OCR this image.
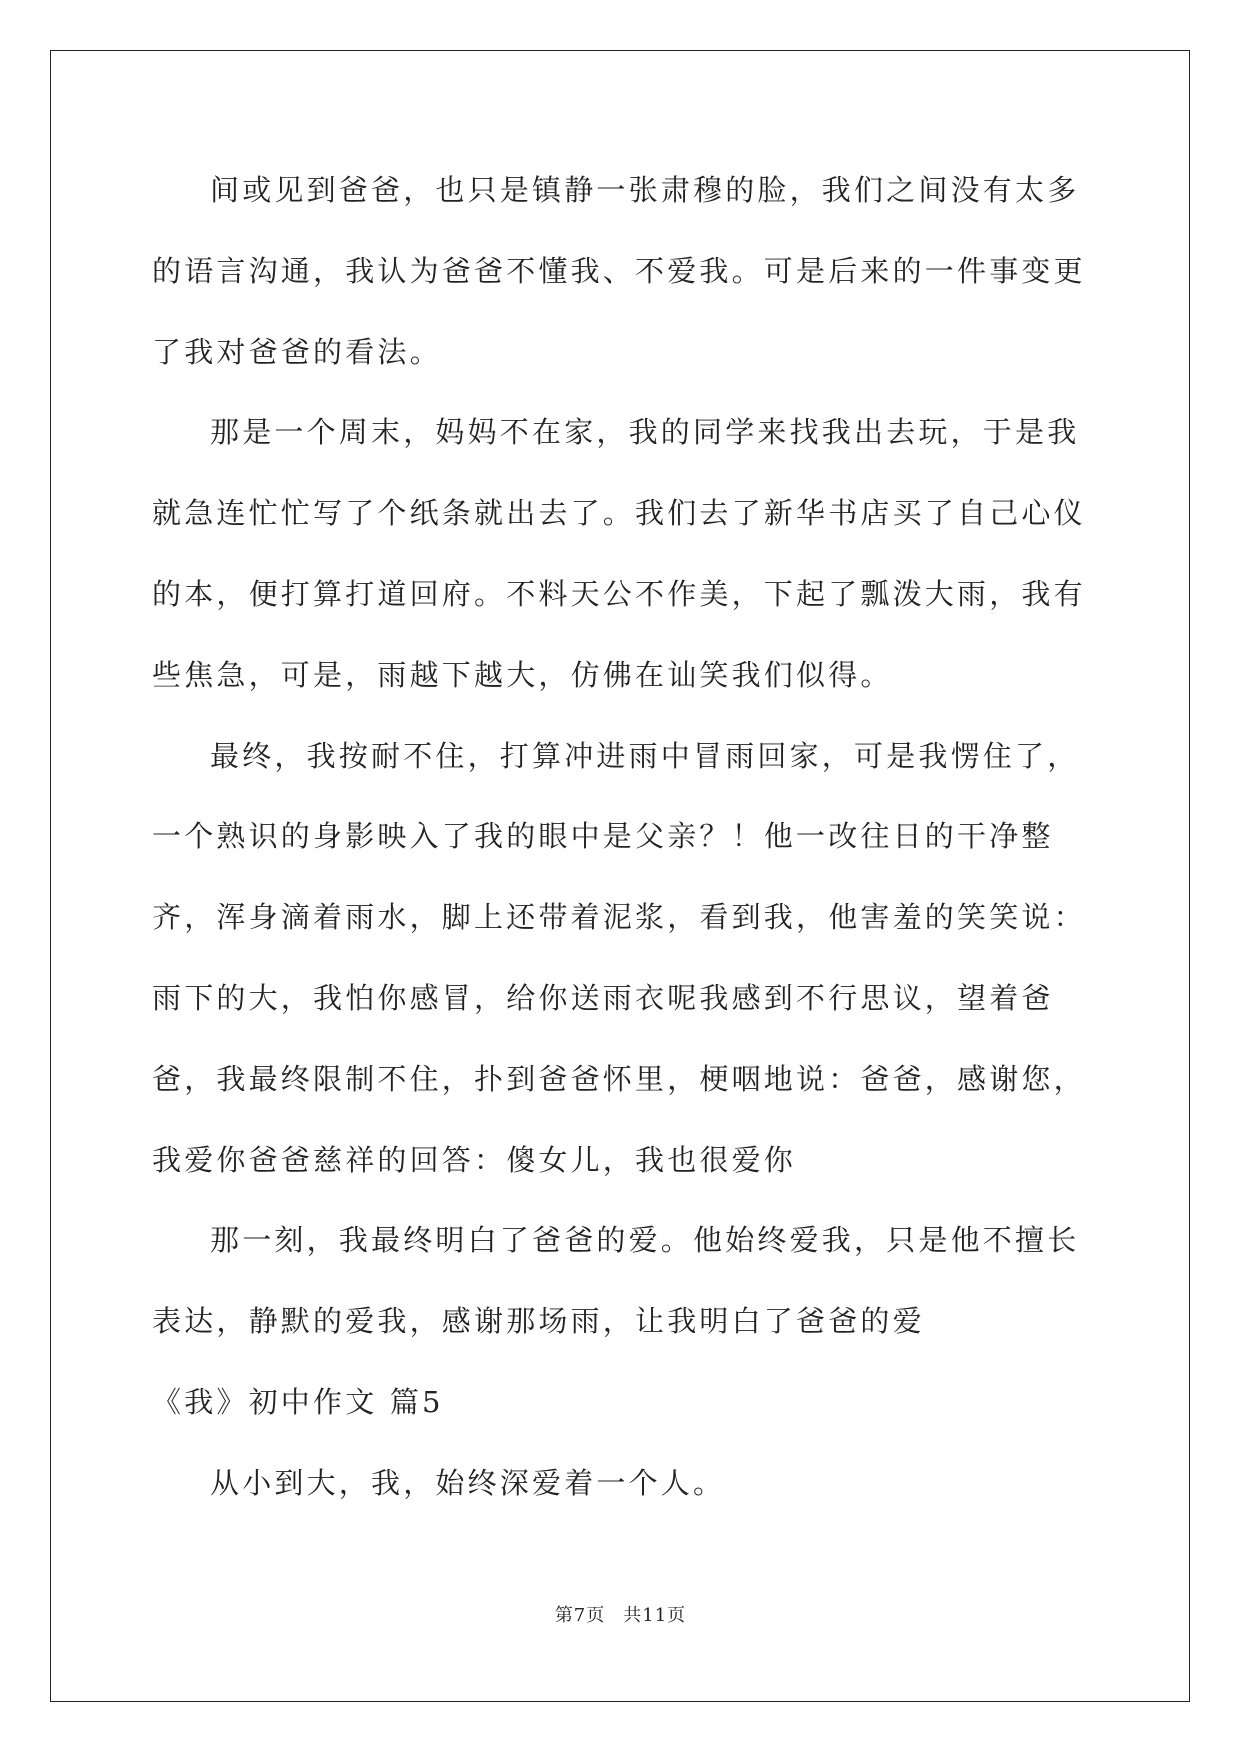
间或见到爸爸，也只是镇静一张肃穆的脸，我们之间没有太多的语言沟通，我认为爸爸不懂我、不爱我。可是后来的一件事变更了我对爸爸的看法。

那是一个周末，妈妈不在家，我的同学来找我出去玩，于是我就急连忙忙写了个纸条就出去了。我们去了新华书店买了自己心仪的本，便打算打道回府。不料天公不作美，下起了瓢泼大雨，我有些焦急，可是，雨越下越大，仿佛在讪笑我们似得。

最终，我按耐不住，打算冲进雨中冒雨回家，可是我愣住了，一个熟识的身影映入了我的眼中是父亲？！他一改往日的干净整齐，浑身滴着雨水，脚上还带着泥浆，看到我，他害羞的笑笑说：雨下的大，我怕你感冒，给你送雨衣呢我感到不行思议，望着爸爸，我最终限制不住，扑到爸爸怀里，梗咽地说：爸爸，感谢您，我爱你爸爸慈祥的回答：傻女儿，我也很爱你

那一刻，我最终明白了爸爸的爱。他始终爱我，只是他不擅长表达，静默的爱我，感谢那场雨，让我明白了爸爸的爱

《我》初中作文 篇5

从小到大，我，始终深爱着一个人。

第7页 共11页
